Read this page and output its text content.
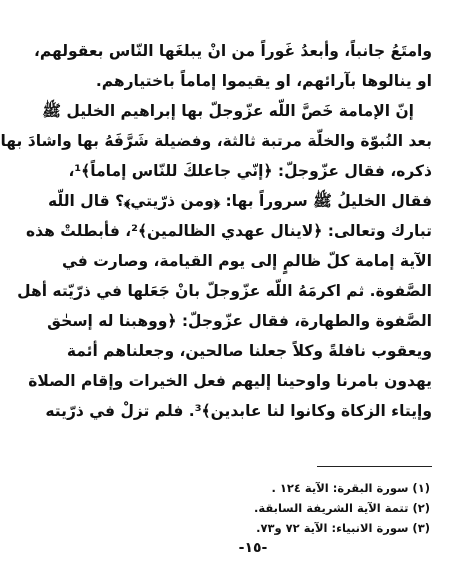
وامتَعُ جانباً، وأبعدُ غَوراً من انْ يبلغَها النّاس بعقولهم،
او ينالوها بآرائهم، او يقيموا إماماً باختيارهم.
إنّ الإمامة خَصَّ اللّه عزّوجلّ بها إبراهيم الخليل ﷺ
بعد النُبوّة والخلّة مرتبة ثالثة، وفضيلة شَرَّفَهُ بها واشادَ بها
ذكره، فقال عزّوجلّ: ﴿إنّي جاعلكَ للنّاس إماماً﴾¹،
فقال الخليلُ ﷺ سروراً بها: ﴿ومن ذرّيتي﴾؟ قال اللّه
تبارك وتعالى: ﴿لاينال عهدي الظالمين﴾²، فأبطلتْ هذه
الآية إمامة كلّ ظالمٍ إلى يوم القيامة، وصارت في
الصَّفوة. ثم اكرمَهُ اللّه عزّوجلّ بانْ جَعَلها في ذرّيّته أهل
الصَّفوة والطهارة، فقال عزّوجلّ: ﴿ووهبنا له إسحٰق
ويعقوب نافلةً وكلاً جعلنا صالحين، وجعلناهم أئمة
يهدون بامرنا واوحينا إليهم فعل الخيرات وإقام الصلاة
وإيتاء الزكاة وكانوا لنا عابدين﴾³. فلم تزلْ في ذرّيته
(١) سورة البقرة: الآية ١٢٤ .
(٢) تتمة الآية الشريفة السابقة.
(٣) سورة الانبياء: الآية ٧٢ و٧٣.
-١٥-
